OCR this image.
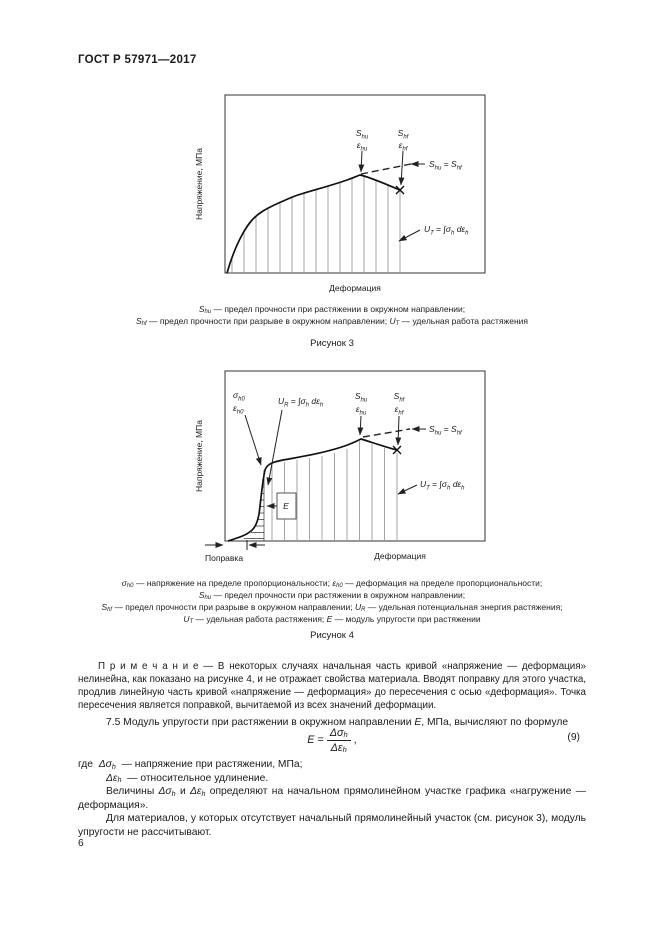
ГОСТ Р 57971—2017
Напряжение, МПа
Деформация
$S_{hu}$
$\varepsilon_{hu}$
$S_{hf}$
$\varepsilon_{hf}$
$S_{hu} = S_{hf}$
$U_T = \int\sigma_h$ $d\varepsilon_h$
$S_{hu}$ — предел прочности при растяжении в окружном направлении;
$S_{hf}$ — предел прочности при разрыве в окружном направлении; $U_T$ — удельная работа растяжения
Рисунок 3
Напряжение, МПа
Деформация
$\sigma_{h0}$
$\varepsilon_{h0}$
$U_R = \int\sigma_h$ $d\varepsilon_h$
$S_{hu}$
$\varepsilon_{hu}$
$S_{hf}$
$\varepsilon_{hf}$
$S_{hu} = S_{hf}$
$U_T = \int\sigma_h$ $d\varepsilon_h$
E
Поправка
$\sigma_{h0}$ — напряжение на пределе пропорциональности; $\varepsilon_{h0}$ — деформация на пределе пропорциональности;
$S_{hu}$ — предел прочности при растяжении в окружном направлении;
$S_{hf}$ — предел прочности при разрыве в окружном направлении; $U_R$ — удельная потенциальная энергия растяжения;
$U_T$ — удельная работа растяжения; E — модуль упругости при растяжении
Рисунок 4

П р и м е ч а н и е — В некоторых случаях начальная часть кривой «напряжение — деформация» нелинейна, как показано на рисунке 4, и не отражает свойства материала. Вводят поправку для этого участка, продлив линейную часть кривой «напряжение — деформация» до пересечения с осью «деформация». Точка пересечения является поправкой, вычитаемой из всех значений деформации.

7.5 Модуль упругости при растяжении в окружном направлении E, МПа, вычисляют по формуле

E
= $\frac{\Delta\sigma_h}{\Delta\varepsilon_h}$ ,	(9)
где  $\Delta\sigma_h$  — напряжение при растяжении, МПа;
$\Delta\varepsilon_h$  — относительное удлинение.

Величины $\Delta\sigma_h$ и $\Delta\varepsilon_h$ определяют на начальном прямолинейном участке графика «нагружение — деформация».

Для материалов, у которых отсутствует начальный прямолинейный участок (см. рисунок 3), модуль упругости не рассчитывают.

6
